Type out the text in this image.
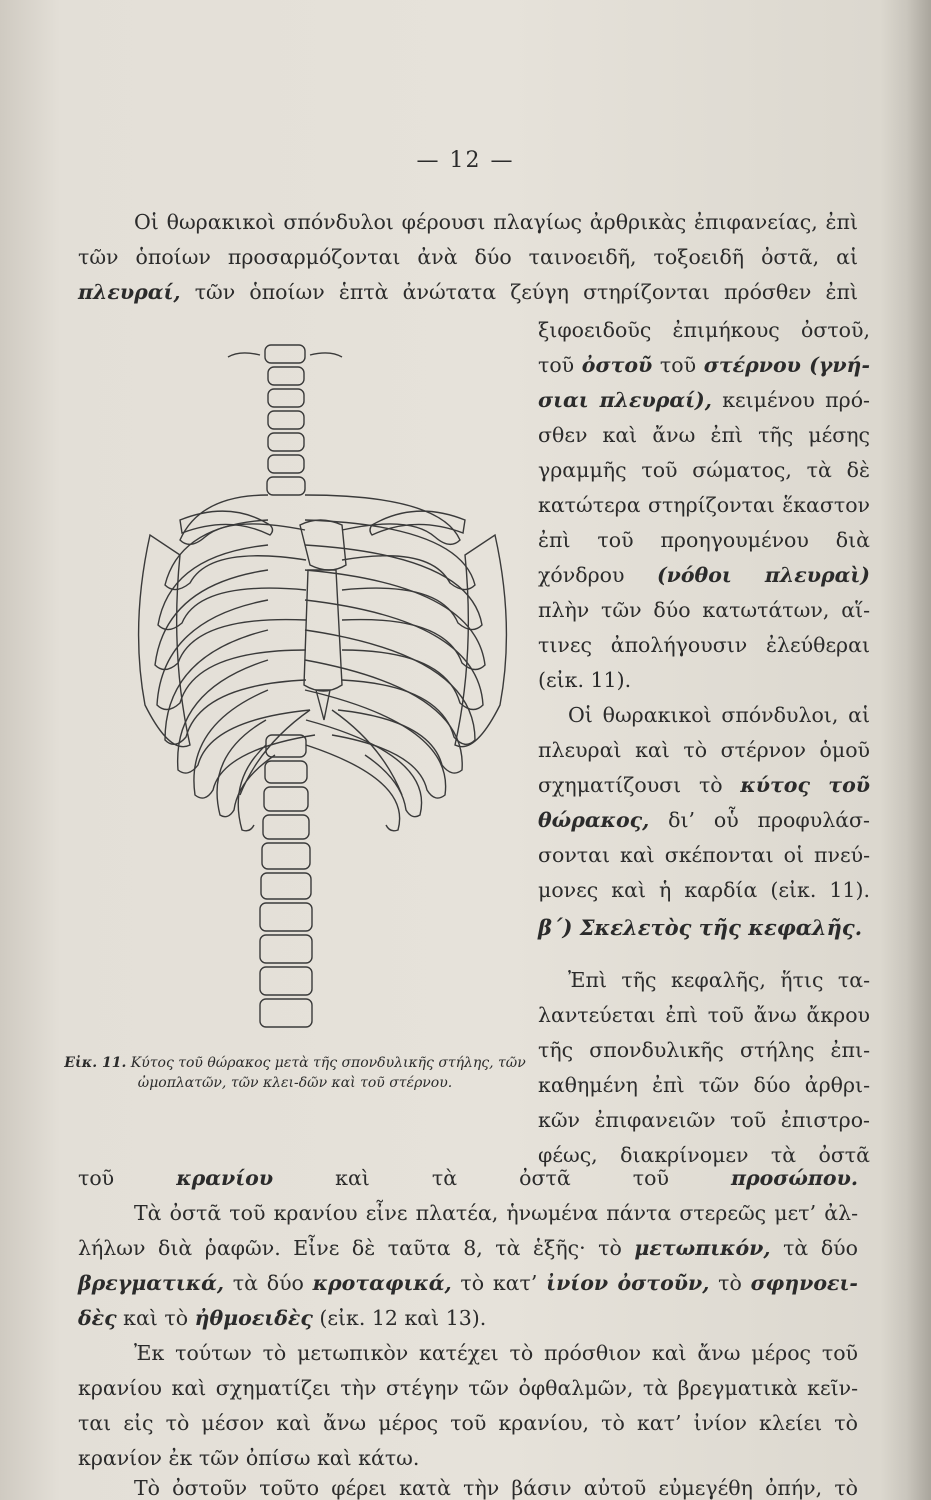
— 12 —
Οἱ θωρακικοὶ σπόνδυλοι φέρουσι πλαγίως ἀρθρικὰς ἐπιφανείας, ἐπὶ
τῶν ὁποίων προσαρμόζονται ἀνὰ δύο ταινοειδῆ, τοξοειδῆ ὀστᾶ, αἱ
πλευραί, τῶν ὁποίων ἑπτὰ ἀνώτατα ζεύγη στηρίζονται πρόσθεν ἐπὶ
ξιφοειδοῦς ἐπιμήκους ὀστοῦ,
τοῦ ὀστοῦ τοῦ στέρνου (γνή-
σιαι πλευραί), κειμένου πρό-
σθεν καὶ ἄνω ἐπὶ τῆς μέσης
γραμμῆς τοῦ σώματος, τὰ δὲ
κατώτερα στηρίζονται ἕκαστον
ἐπὶ τοῦ προηγουμένου διὰ
χόνδρου (νόθοι πλευραὶ)
πλὴν τῶν δύο κατωτάτων, αἵ-
τινες ἀπολήγουσιν ἐλεύθεραι
(εἰκ. 11).
Οἱ θωρακικοὶ σπόνδυλοι, αἱ
πλευραὶ καὶ τὸ στέρνον ὁμοῦ
σχηματίζουσι τὸ κύτος τοῦ
θώρακος, δι’ οὗ προφυλάσ-
σονται καὶ σκέπονται οἱ πνεύ-
μονες καὶ ἡ καρδία (εἰκ. 11).
β΄) Σκελετὸς τῆς κεφαλῆς.
Ἐπὶ τῆς κεφαλῆς, ἥτις τα-
λαντεύεται ἐπὶ τοῦ ἄνω ἄκρου
τῆς σπονδυλικῆς στήλης ἐπι-
καθημένη ἐπὶ τῶν δύο ἀρθρι-
κῶν ἐπιφανειῶν τοῦ ἐπιστρο-
φέως, διακρίνομεν τὰ ὀστᾶ
Εἰκ. 11. Κύτος τοῦ θώρακος μετὰ τῆς σπονδυλικῆς στήλης, τῶν ὠμοπλατῶν, τῶν κλει-δῶν καὶ τοῦ στέρνου.
τοῦ	κρανίου	καὶ τὰ ὀστᾶ τοῦ	προσώπου.
Τὰ ὀστᾶ τοῦ κρανίου εἶνε πλατέα, ἡνωμένα πάντα στερεῶς μετ’ ἀλ-
λήλων διὰ ῥαφῶν. Εἶνε δὲ ταῦτα 8, τὰ ἑξῆς· τὸ μετωπικόν, τὰ δύο
βρεγματικά, τὰ δύο κροταφικά, τὸ κατ’ ἰνίον ὀστοῦν, τὸ σφηνοει-
δὲς καὶ τὸ ἠθμοειδὲς (εἰκ. 12 καὶ 13).
Ἐκ τούτων τὸ μετωπικὸν κατέχει τὸ πρόσθιον καὶ ἄνω μέρος τοῦ
κρανίου καὶ σχηματίζει τὴν στέγην τῶν ὀφθαλμῶν, τὰ βρεγματικὰ κεῖν-
ται εἰς τὸ μέσον καὶ ἄνω μέρος τοῦ κρανίου, τὸ κατ’ ἰνίον κλείει τὸ
κρανίον ἐκ τῶν ὀπίσω καὶ κάτω.
Τὸ ὀστοῦν τοῦτο φέρει κατὰ τὴν βάσιν αὐτοῦ εὐμεγέθη ὀπήν, τὸ
